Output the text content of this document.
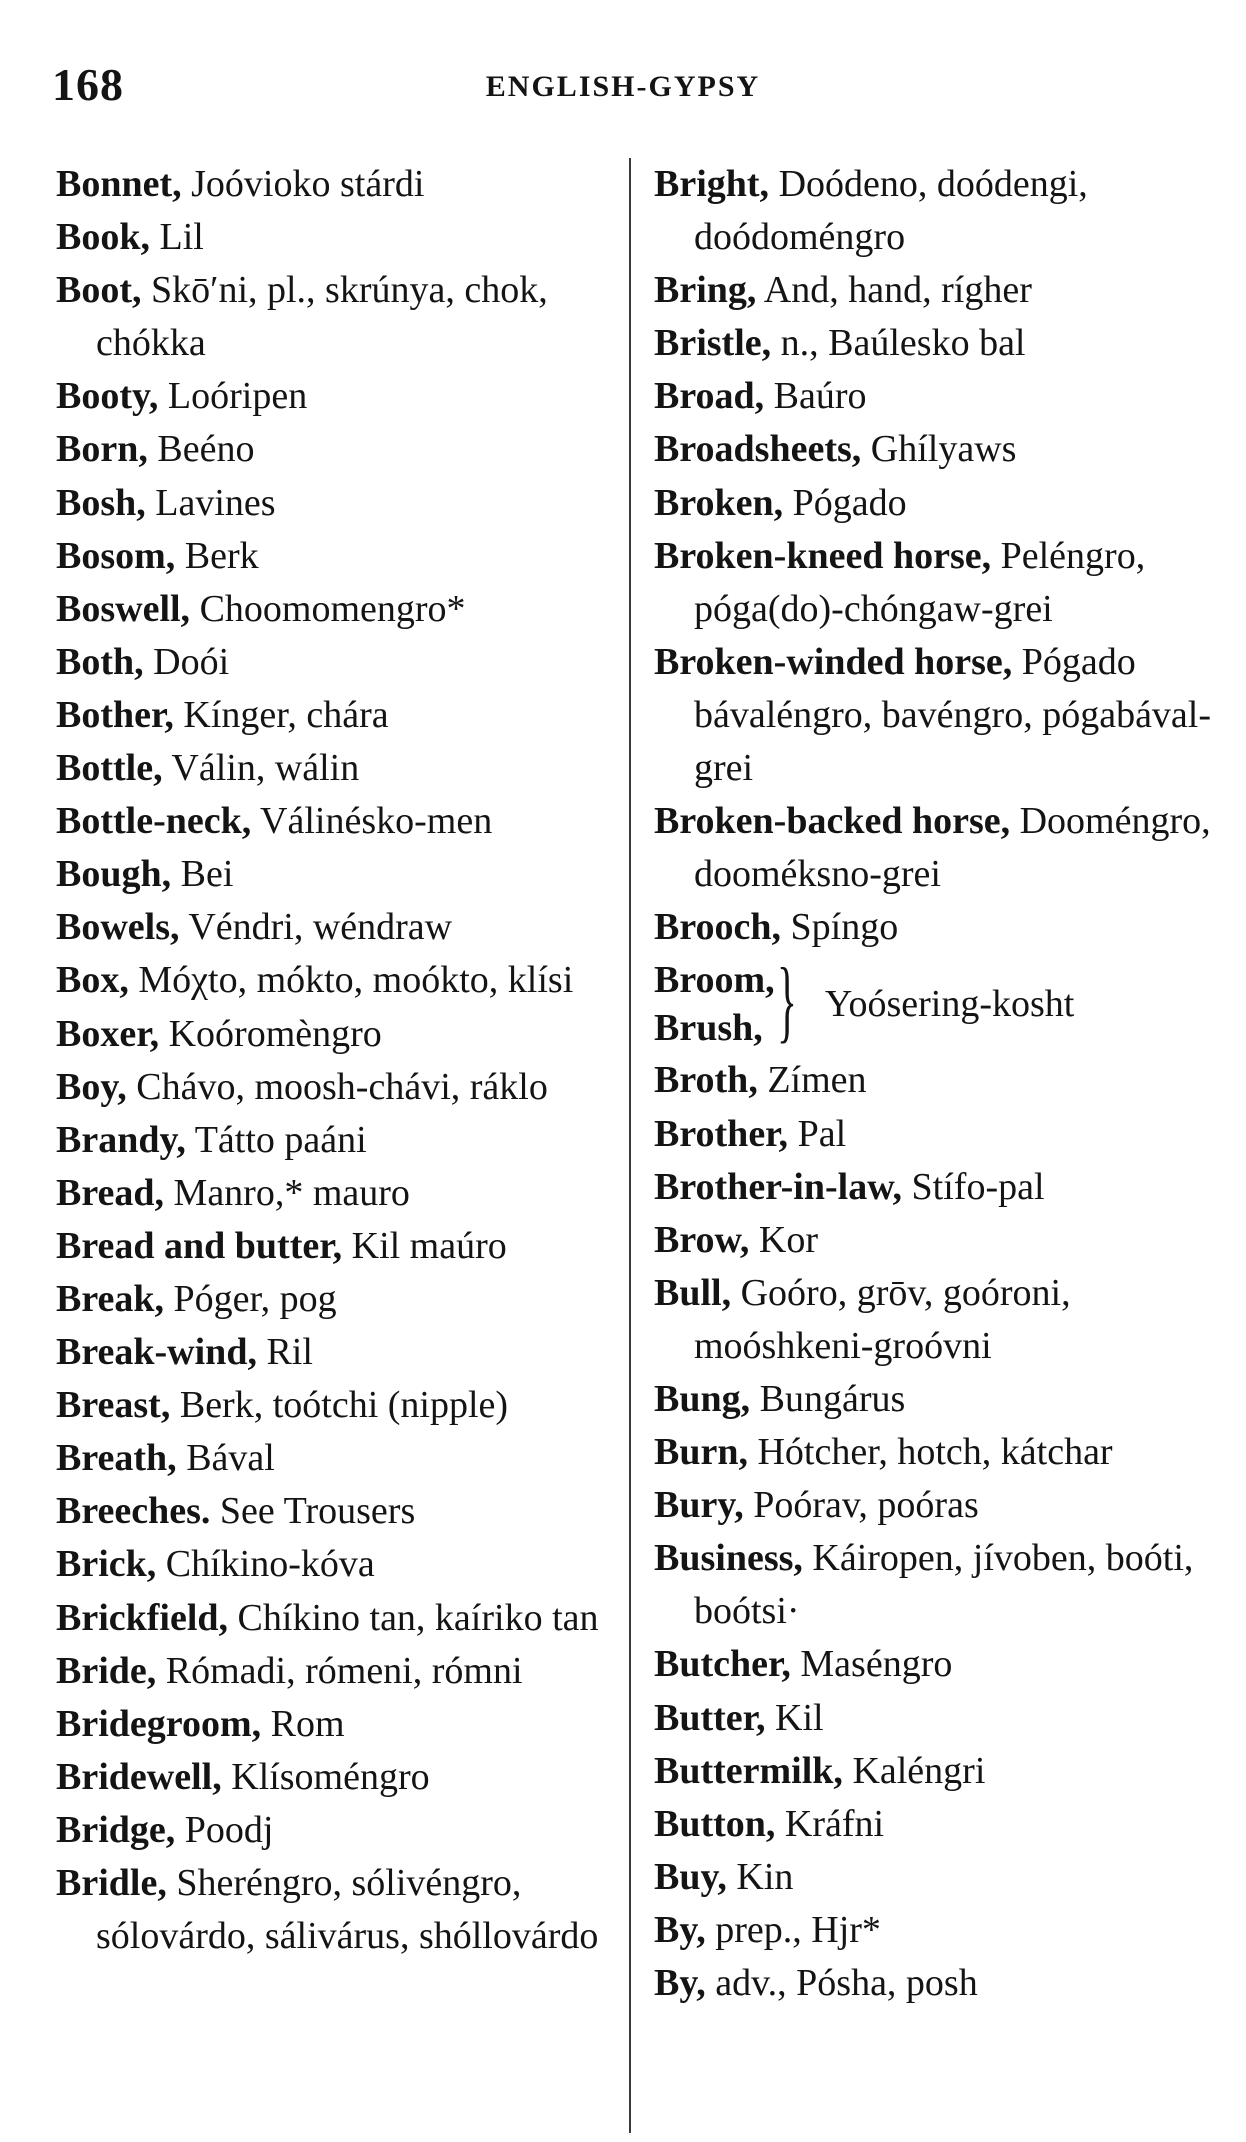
168	ENGLISH-GYPSY
Bonnet, Joóvioko stárdi
Book, Lil
Boot, Skō′ni, pl., skrúnya, chok, chókka
Booty, Loóripen
Born, Beéno
Bosh, Lavines
Bosom, Berk
Boswell, Choomomengro*
Both, Doói
Bother, Kínger, chára
Bottle, Válin, wálin
Bottle-neck, Válinésko-men
Bough, Bei
Bowels, Véndri, wéndraw
Box, Móχto, mókto, moókto, klísi
Boxer, Koóromèngro
Boy, Chávo, moosh-chávi, ráklo
Brandy, Tátto paáni
Bread, Manro,* mauro
Bread and butter, Kil maúro
Break, Póger, pog
Break-wind, Ril
Breast, Berk, toótchi (nipple)
Breath, Bával
Breeches. See Trousers
Brick, Chíkino-kóva
Brickfield, Chíkino tan, kaíriko tan
Bride, Rómadi, rómeni, rómni
Bridegroom, Rom
Bridewell, Klísoméngro
Bridge, Poodj
Bridle, Sheréngro, sólivéngro, sólovárdo, sálivárus, shóllovárdo
Bright, Doódeno, doódengi, doódoméngro
Bring, And, hand, rígher
Bristle, n., Baúlesko bal
Broad, Baúro
Broadsheets, Ghílyaws
Broken, Pógado
Broken-kneed horse, Peléngro, póga(do)-chóngaw-grei
Broken-winded horse, Pógado bávaléngro, bavéngro, pógabával-grei
Broken-backed horse, Dooméngro, dooméksno-grei
Brooch, Spíngo
Broom,
Brush, } Yoósering-kosht
Broth, Zímen
Brother, Pal
Brother-in-law, Stífo-pal
Brow, Kor
Bull, Goóro, grōv, goóroni, moóshkeni-groóvni
Bung, Bungárus
Burn, Hótcher, hotch, kátchar
Bury, Poórav, poóras
Business, Káiropen, jívoben, boóti, boótsi·
Butcher, Maséngro
Butter, Kil
Buttermilk, Kaléngri
Button, Kráfni
Buy, Kin
By, prep., Hjr*
By, adv., Pósha, posh
